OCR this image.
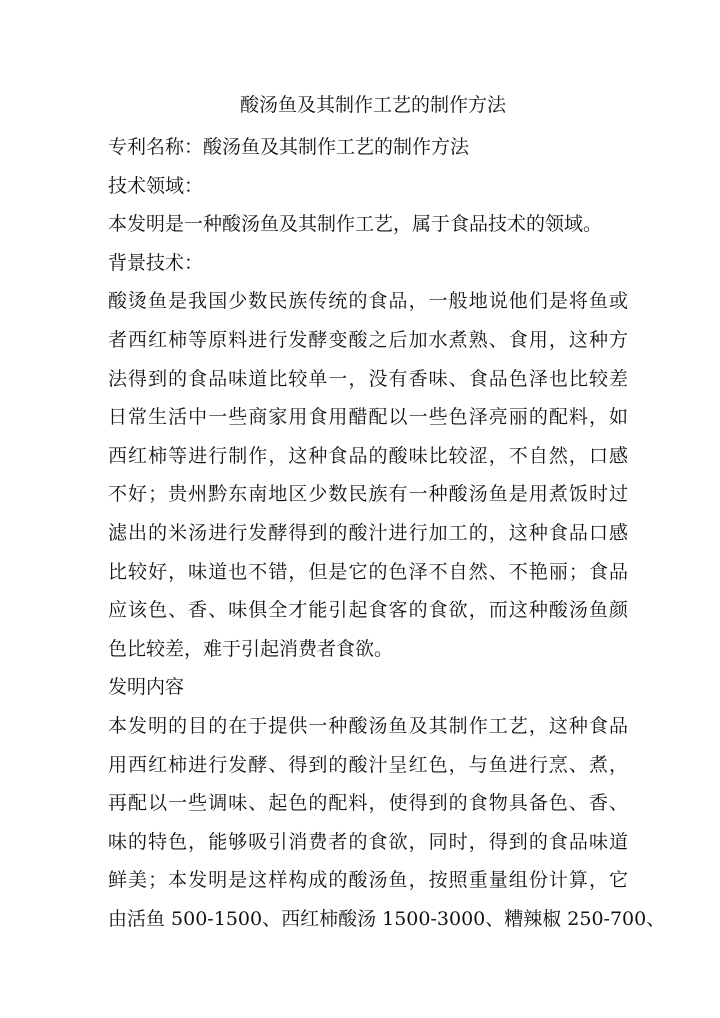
酸汤鱼及其制作工艺的制作方法
专利名称：酸汤鱼及其制作工艺的制作方法
技术领域：
本发明是一种酸汤鱼及其制作工艺，属于食品技术的领域。
背景技术：
酸烫鱼是我国少数民族传统的食品，一般地说他们是将鱼或
者西红柿等原料进行发酵变酸之后加水煮熟、食用，这种方
法得到的食品味道比较单一，没有香味、食品色泽也比较差
日常生活中一些商家用食用醋配以一些色泽亮丽的配料，如
西红柿等进行制作，这种食品的酸味比较涩，不自然，口感
不好；贵州黔东南地区少数民族有一种酸汤鱼是用煮饭时过
滤出的米汤进行发酵得到的酸汁进行加工的，这种食品口感
比较好，味道也不错，但是它的色泽不自然、不艳丽；食品
应该色、香、味俱全才能引起食客的食欲，而这种酸汤鱼颜
色比较差，难于引起消费者食欲。
发明内容
本发明的目的在于提供一种酸汤鱼及其制作工艺，这种食品
用西红柿进行发酵、得到的酸汁呈红色，与鱼进行烹、煮，
再配以一些调味、起色的配料，使得到的食物具备色、香、
味的特色，能够吸引消费者的食欲，同时，得到的食品味道
鲜美；本发明是这样构成的酸汤鱼，按照重量组份计算，它
由活鱼 500-1500、西红柿酸汤 1500-3000、糟辣椒 250-700、
